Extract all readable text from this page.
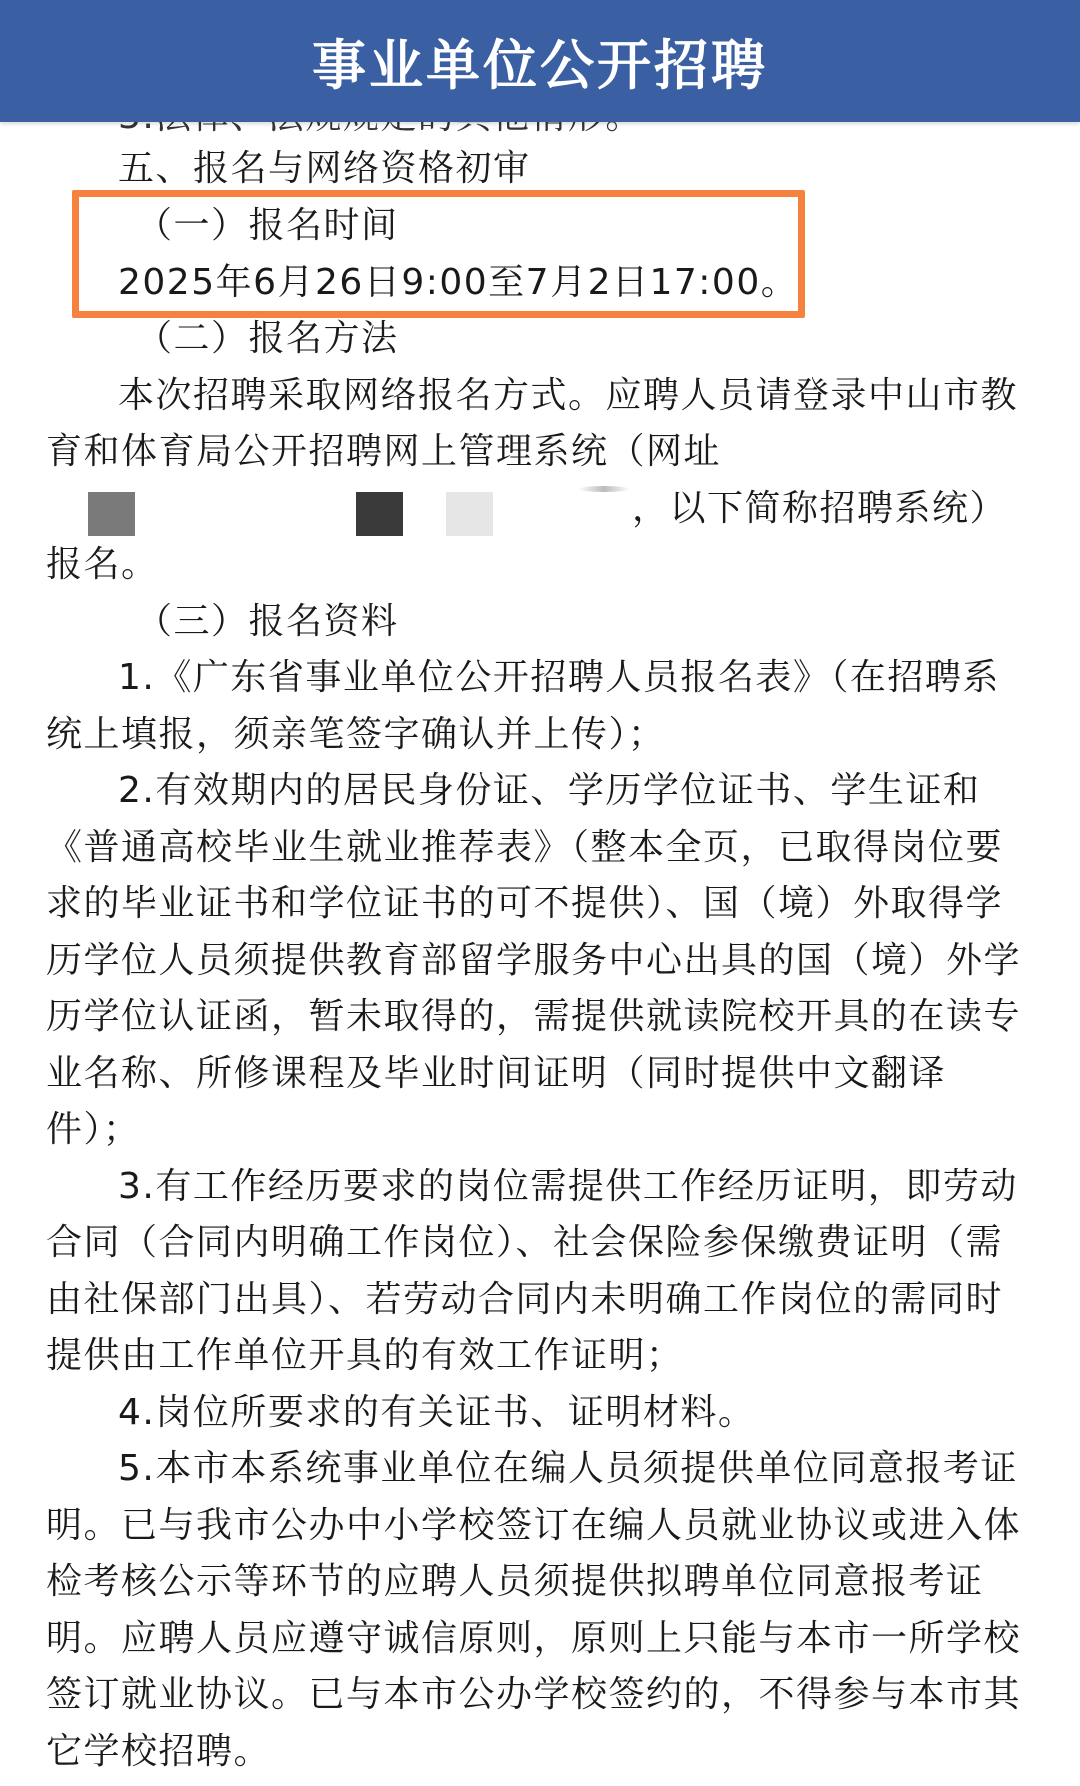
五、报名与网络资格初审
（一）报名时间
2025年6月26日9:00至7月2日17:00。
（二）报名方法
本次招聘采取网络报名方式。应聘人员请登录中山市教
育和体育局公开招聘网上管理系统（网址
，以下简称招聘系统）
报名。
（三）报名资料
1.《广东省事业单位公开招聘人员报名表》（在招聘系
统上填报，须亲笔签字确认并上传）；
2.有效期内的居民身份证、学历学位证书、学生证和
《普通高校毕业生就业推荐表》（整本全页，已取得岗位要
求的毕业证书和学位证书的可不提供）、国（境）外取得学
历学位人员须提供教育部留学服务中心出具的国（境）外学
历学位认证函，暂未取得的，需提供就读院校开具的在读专
业名称、所修课程及毕业时间证明（同时提供中文翻译
件）；
3.有工作经历要求的岗位需提供工作经历证明，即劳动
合同（合同内明确工作岗位）、社会保险参保缴费证明（需
由社保部门出具）、若劳动合同内未明确工作岗位的需同时
提供由工作单位开具的有效工作证明；
4.岗位所要求的有关证书、证明材料。
5.本市本系统事业单位在编人员须提供单位同意报考证
明。已与我市公办中小学校签订在编人员就业协议或进入体
检考核公示等环节的应聘人员须提供拟聘单位同意报考证
明。应聘人员应遵守诚信原则，原则上只能与本市一所学校
签订就业协议。已与本市公办学校签约的，不得参与本市其
它学校招聘。
事业单位公开招聘
